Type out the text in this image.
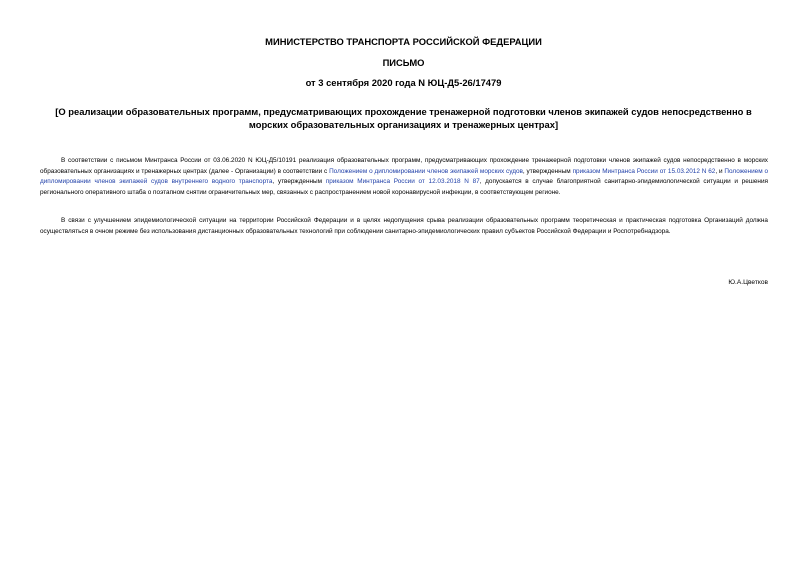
МИНИСТЕРСТВО ТРАНСПОРТА РОССИЙСКОЙ ФЕДЕРАЦИИ
ПИСЬМО
от 3 сентября 2020 года N ЮЦ-Д5-26/17479
[О реализации образовательных программ, предусматривающих прохождение тренажерной подготовки членов экипажей судов непосредственно в морских образовательных организациях и тренажерных центрах]
В соответствии с письмом Минтранса России от 03.06.2020 N ЮЦ-Д5/10191 реализация образовательных программ, предусматривающих прохождение тренажерной подготовки членов экипажей судов непосредственно в морских образовательных организациях и тренажерных центрах (далее - Организации) в соответствии с Положением о дипломировании членов экипажей морских судов, утвержденным приказом Минтранса России от 15.03.2012 N 62, и Положением о дипломировании членов экипажей судов внутреннего водного транспорта, утвержденным приказом Минтранса России от 12.03.2018 N 87, допускается в случае благоприятной санитарно-эпидемиологической ситуации и решения регионального оперативного штаба о поэтапном снятии ограничительных мер, связанных с распространением новой коронавирусной инфекции, в соответствующем регионе.
В связи с улучшением эпидемиологической ситуации на территории Российской Федерации и в целях недопущения срыва реализации образовательных программ теоретическая и практическая подготовка Организаций должна осуществляться в очном режиме без использования дистанционных образовательных технологий при соблюдении санитарно-эпидемиологических правил субъектов Российской Федерации и Роспотребнадзора.
Ю.А.Цветков
